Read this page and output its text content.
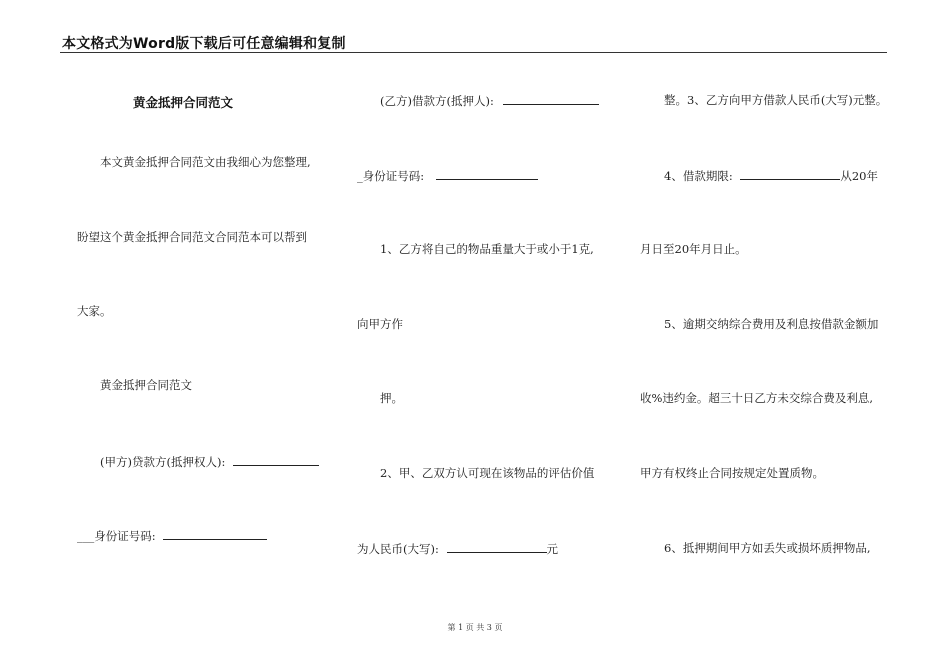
本文格式为Word版下载后可任意编辑和复制
黄金抵押合同范文
本文黄金抵押合同范文由我细心为您整理,
盼望这个黄金抵押合同范文合同范本可以帮到
大家。
黄金抵押合同范文
(甲方)贷款方(抵押权人):
___身份证号码:
(乙方)借款方(抵押人):
_身份证号码:
1、乙方将自己的物品重量大于或小于1克,
向甲方作
押。
2、甲、乙双方认可现在该物品的评估价值
为人民币(大写):	元
整。3、乙方向甲方借款人民币(大写)元整。
4、借款期限:	从20年
月日至20年月日止。
5、逾期交纳综合费用及利息按借款金额加
收%违约金。超三十日乙方未交综合费及利息,
甲方有权终止合同按规定处置质物。
6、抵押期间甲方如丢失或损坏质押物品,
第 1 页 共 3 页
